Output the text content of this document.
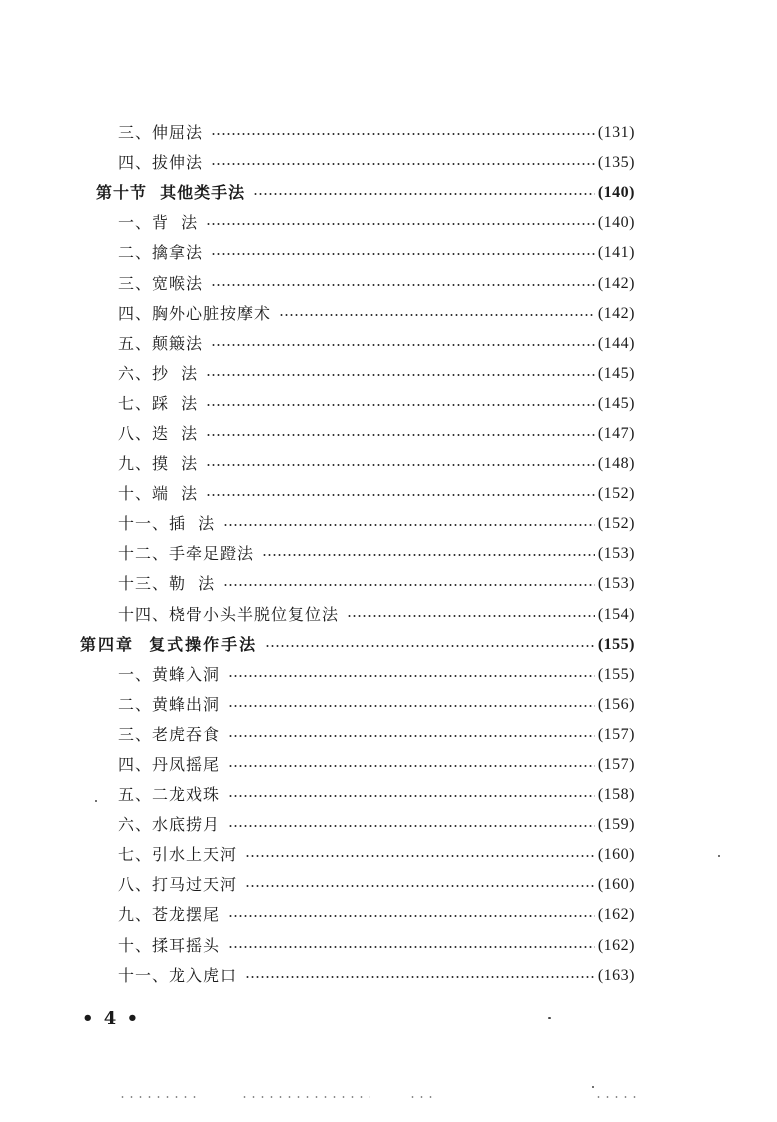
三、伸屈法	(131)
四、拔伸法	(135)
第十节  其他类手法	(140)
一、背  法	(140)
二、擒拿法	(141)
三、宽喉法	(142)
四、胸外心脏按摩术	(142)
五、颠簸法	(144)
六、抄  法	(145)
七、踩  法	(145)
八、迭  法	(147)
九、摸  法	(148)
十、端  法	(152)
十一、插  法	(152)
十二、手牵足蹬法	(153)
十三、勒  法	(153)
十四、桡骨小头半脱位复位法	(154)
第四章  复式操作手法	(155)
一、黄蜂入洞	(155)
二、黄蜂出洞	(156)
三、老虎吞食	(157)
四、丹凤摇尾	(157)
五、二龙戏珠	(158)
六、水底捞月	(159)
七、引水上天河	(160)
八、打马过天河	(160)
九、苍龙摆尾	(162)
十、揉耳摇头	(162)
十一、龙入虎口	(163)
• 4 •
